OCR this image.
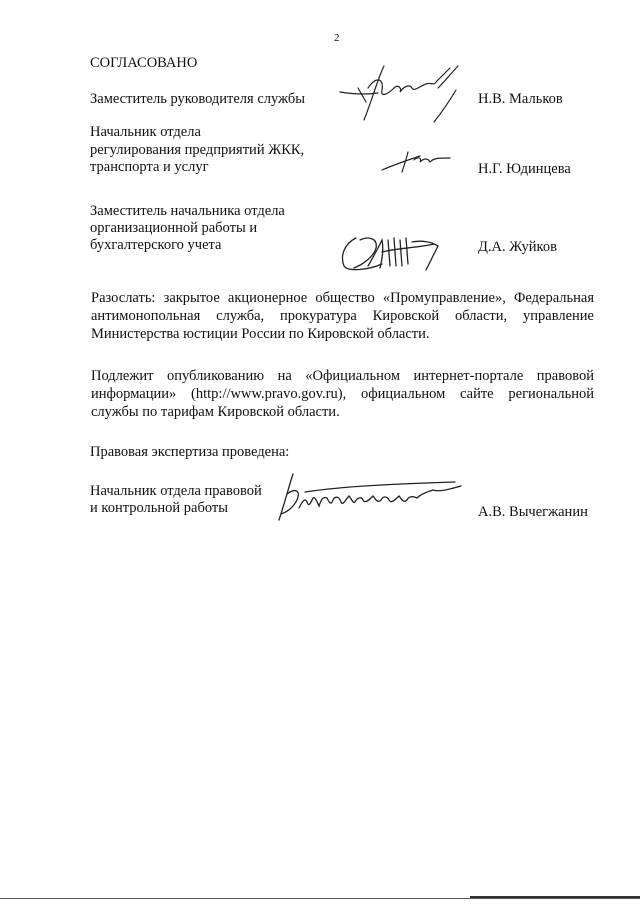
2
СОГЛАСОВАНО
Заместитель руководителя службы	Н.В. Мальков
Начальник отдела
регулирования предприятий ЖКК,
транспорта и услуг	Н.Г. Юдинцева
Заместитель начальника отдела
организационной работы и
бухгалтерского учета	Д.А. Жуйков
Разослать: закрытое акционерное общество «Промуправление», Федеральная антимонопольная служба, прокуратура Кировской области, управление Министерства юстиции России по Кировской области.
Подлежит опубликованию на «Официальном интернет-портале правовой информации» (http://www.pravo.gov.ru), официальном сайте региональной службы по тарифам Кировской области.
Правовая экспертиза проведена:
Начальник отдела правовой
и контрольной работы	А.В. Вычегжанин
